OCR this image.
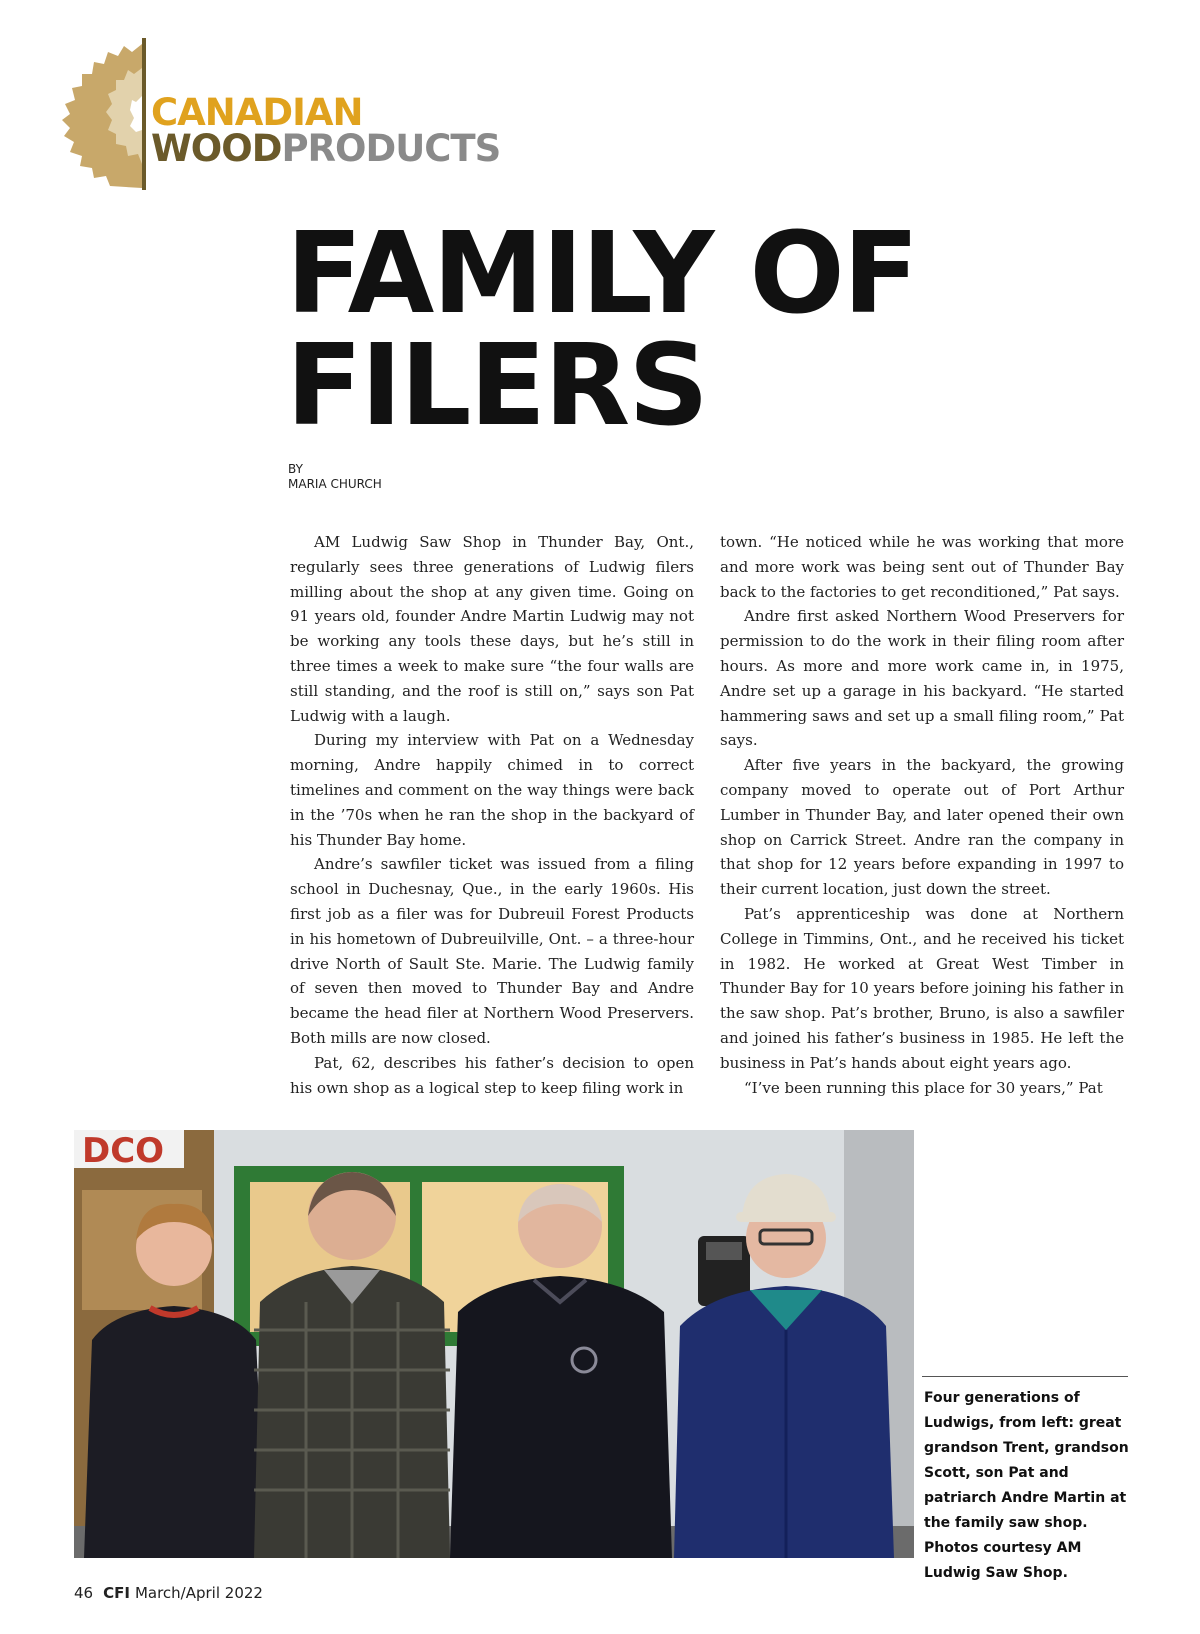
CANADIAN
WOODPRODUCTS
FAMILY OF
FILERS
BY
MARIA CHURCH

AM Ludwig Saw Shop in Thunder Bay, Ont., regularly sees three generations of Ludwig filers milling about the shop at any given time. Going on 91 years old, founder Andre Martin Ludwig may not be working any tools these days, but he’s still in three times a week to make sure “the four walls are still standing, and the roof is still on,” says son Pat Ludwig with a laugh.

During my interview with Pat on a Wednesday morning, Andre happily chimed in to correct timelines and comment on the way things were back in the ’70s when he ran the shop in the backyard of his Thunder Bay home.

Andre’s sawfiler ticket was issued from a filing school in Duchesnay, Que., in the early 1960s. His first job as a filer was for Dubreuil Forest Products in his hometown of Dubreuilville, Ont. – a three-hour drive North of Sault Ste. Marie. The Ludwig family of seven then moved to Thunder Bay and Andre became the head filer at Northern Wood Preservers. Both mills are now closed.

Pat, 62, describes his father’s decision to open his own shop as a logical step to keep filing work in

town. “He noticed while he was working that more and more work was being sent out of Thunder Bay back to the factories to get reconditioned,” Pat says.

Andre first asked Northern Wood Preservers for permission to do the work in their filing room after hours. As more and more work came in, in 1975, Andre set up a garage in his backyard. “He started hammering saws and set up a small filing room,” Pat says.

After five years in the backyard, the growing company moved to operate out of Port Arthur Lumber in Thunder Bay, and later opened their own shop on Carrick Street. Andre ran the company in that shop for 12 years before expanding in 1997 to their current location, just down the street.

Pat’s apprenticeship was done at Northern College in Timmins, Ont., and he received his ticket in 1982. He worked at Great West Timber in Thunder Bay for 10 years before joining his father in the saw shop. Pat’s brother, Bruno, is also a sawfiler and joined his father’s business in 1985. He left the business in Pat’s hands about eight years ago.

“I’ve been running this place for 30 years,” Pat

DCO
Four generations of Ludwigs, from left: great grandson Trent, grandson Scott, son Pat and patriarch Andre Martin at the family saw shop. Photos courtesy AM Ludwig Saw Shop.
46 CFI March/April 2022
